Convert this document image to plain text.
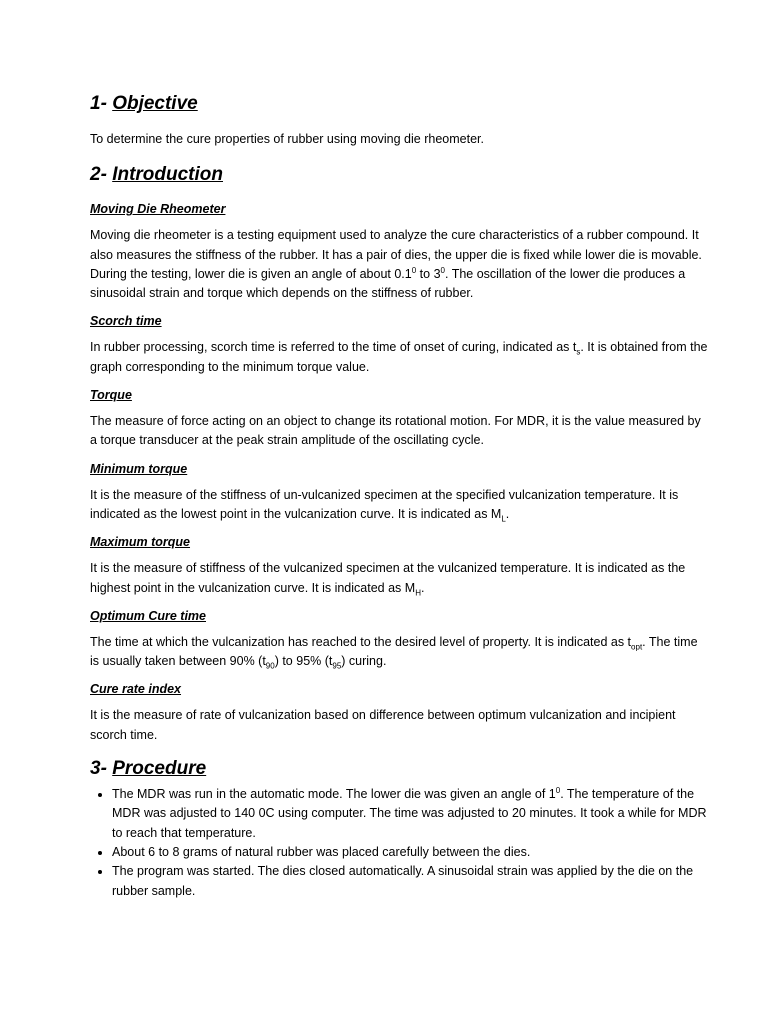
1- Objective

To determine the cure properties of rubber using moving die rheometer.

2- Introduction
Moving Die Rheometer

Moving die rheometer is a testing equipment used to analyze the cure characteristics of a rubber compound. It also measures the stiffness of the rubber. It has a pair of dies, the upper die is fixed while lower die is movable. During the testing, lower die is given an angle of about $0.1^0$ to $3^0$. The oscillation of the lower die produces a sinusoidal strain and torque which depends on the stiffness of rubber.

Scorch time

In rubber processing, scorch time is referred to the time of onset of curing, indicated as $t_s$. It is obtained from the graph corresponding to the minimum torque value.

Torque

The measure of force acting on an object to change its rotational motion. For MDR, it is the value measured by a torque transducer at the peak strain amplitude of the oscillating cycle.

Minimum torque

It is the measure of the stiffness of un-vulcanized specimen at the specified vulcanization temperature. It is indicated as the lowest point in the vulcanization curve. It is indicated as $M_L$.

Maximum torque

It is the measure of stiffness of the vulcanized specimen at the vulcanized temperature. It is indicated as the highest point in the vulcanization curve. It is indicated as $M_H$.

Optimum Cure time

The time at which the vulcanization has reached to the desired level of property. It is indicated as $t_{opt}$. The time is usually taken between 90% $(t_{90})$ to 95% $(t_{95})$ curing.

Cure rate index

It is the measure of rate of vulcanization based on difference between optimum vulcanization and incipient scorch time.

3- Procedure
• The MDR was run in the automatic mode. The lower die was given an angle of $1^0$. The temperature of the MDR was adjusted to 140 0C using computer. The time was adjusted to 20 minutes. It took a while for MDR to reach that temperature.
• About 6 to 8 grams of natural rubber was placed carefully between the dies.
• The program was started. The dies closed automatically. A sinusoidal strain was applied by the die on the rubber sample.
